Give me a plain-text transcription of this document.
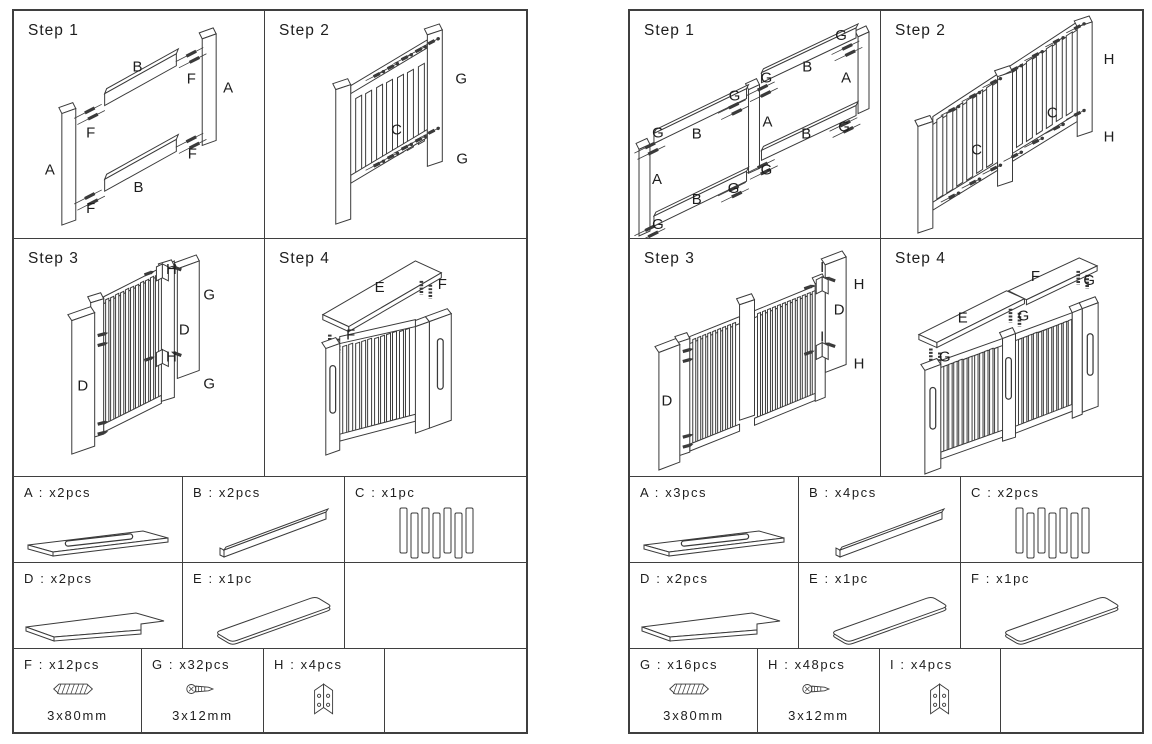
B
F
A
F
F
A
B
F
Step 1
G
C
G
Step 2
H
G
D
H
G
D
Step 3
E	F
F
Step 4
A : x2pcs	B : x2pcs	C : x1pc
D : x2pcs	E : x1pc
F : x12pcs
3x80mm
G : x32pcs
3x12mm
H : x4pcs
G
B
A
G
G
B
G
A
B G
A
G
B
G
G
Step 1
H
C
C
H
Step 2
I
H
D
I
H
D
Step 3
F	G
E	G
G
Step 4
A : x3pcs	B : x4pcs	C : x2pcs
D : x2pcs	E : x1pc	F : x1pc
G : x16pcs
3x80mm
H : x48pcs
3x12mm
I : x4pcs
